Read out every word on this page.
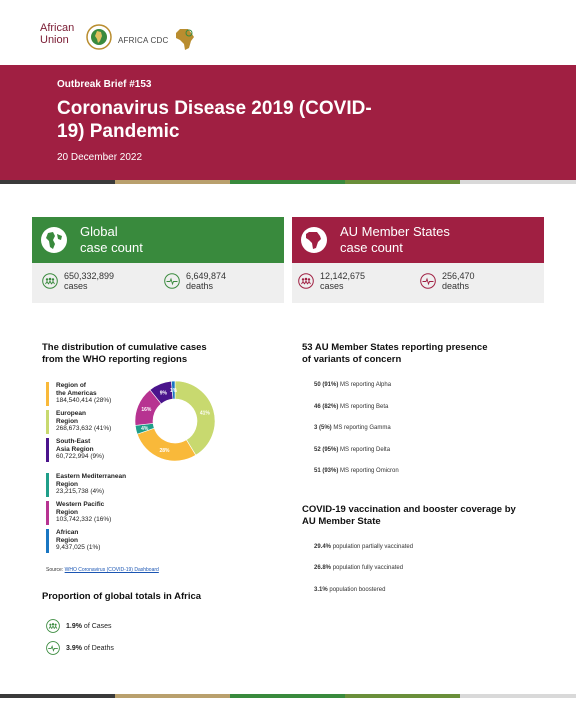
African
Union	AFRICA CDC
Outbreak Brief #153
Coronavirus Disease 2019 (COVID-19) Pandemic
20 December 2022
Global
case count
650,332,899
cases
6,649,874
deaths
AU Member States
case count
12,142,675
cases
256,470
deaths
The distribution of cumulative cases
from the WHO reporting regions
Region of
the Americas
184,540,414 (28%)
European
Region
268,673,632 (41%)
South-East
Asia Region
60,722,994 (9%)
Eastern Mediterranean
Region
23,215,738 (4%)
Western Pacific
Region
103,742,332 (16%)
African
Region
9,437,025 (1%)
41%
28%
4%
16%
9% 1%
Source: WHO Coronavirus (COVID-19) Dashboard
Proportion of global totals in Africa
1.9% of Cases
3.9% of Deaths
53 AU Member States reporting presence
of variants of concern
50 (91%) MS reporting Alpha
46 (82%) MS reporting Beta
3 (5%) MS reporting Gamma
52 (95%) MS reporting Delta
51 (93%) MS reporting Omicron
COVID-19 vaccination and booster coverage by
AU Member State
29.4% population partially vaccinated
26.8% population fully vaccinated
3.1% population boostered
